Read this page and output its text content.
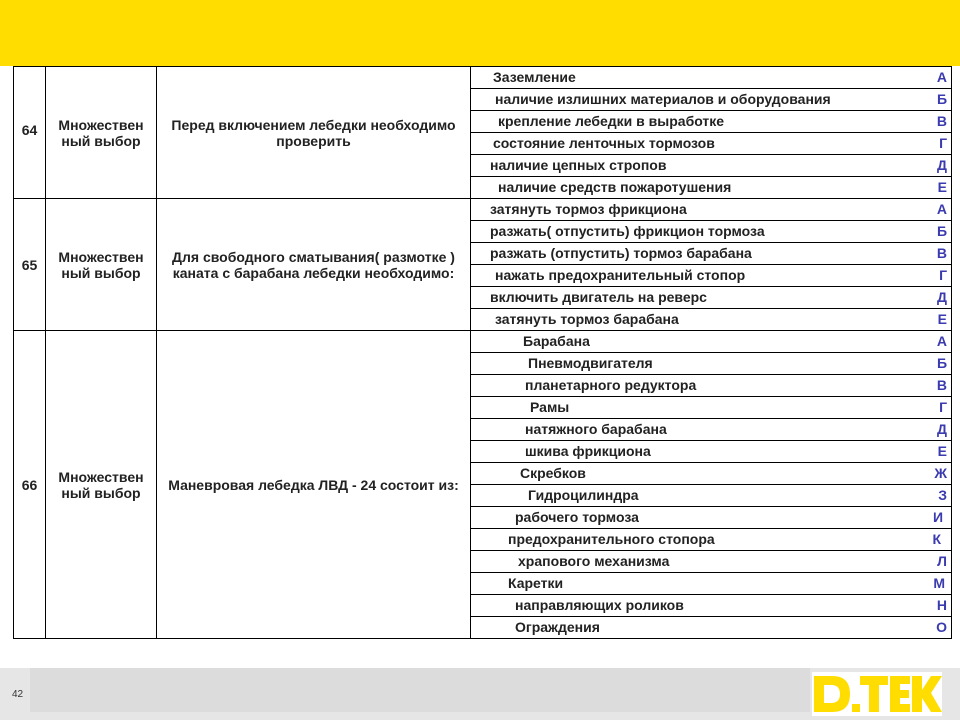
64	Множествен ный выбор	Перед включением лебедки необходимо проверить	Заземление А

			наличие излишних материалов и оборудования Б

			крепление лебедки в выработке В

			состояние ленточных тормозов Г

			наличие цепных стропов Д

			наличие средств пожаротушения Е

65	Множествен ный выбор	Для свободного сматывания( размотке ) каната с барабана лебедки необходимо:	затянуть тормоз фрикциона А

			разжать( отпустить) фрикцион тормоза Б

			разжать (отпустить) тормоз барабана В

			нажать предохранительный стопор Г

			включить двигатель на реверс Д

			затянуть тормоз барабана Е

66	Множествен ный выбор	Маневровая лебедка ЛВД - 24 состоит из:	Барабана А

			Пневмодвигателя Б

			планетарного редуктора В

			Рамы Г

			натяжного барабана Д

			шкива фрикциона Е

			Скребков Ж

			Гидроцилиндра З

			рабочего тормоза И

			предохранительного стопора К

			храпового механизма Л

			Каретки М

			направляющих роликов Н

			Ограждения О
42
